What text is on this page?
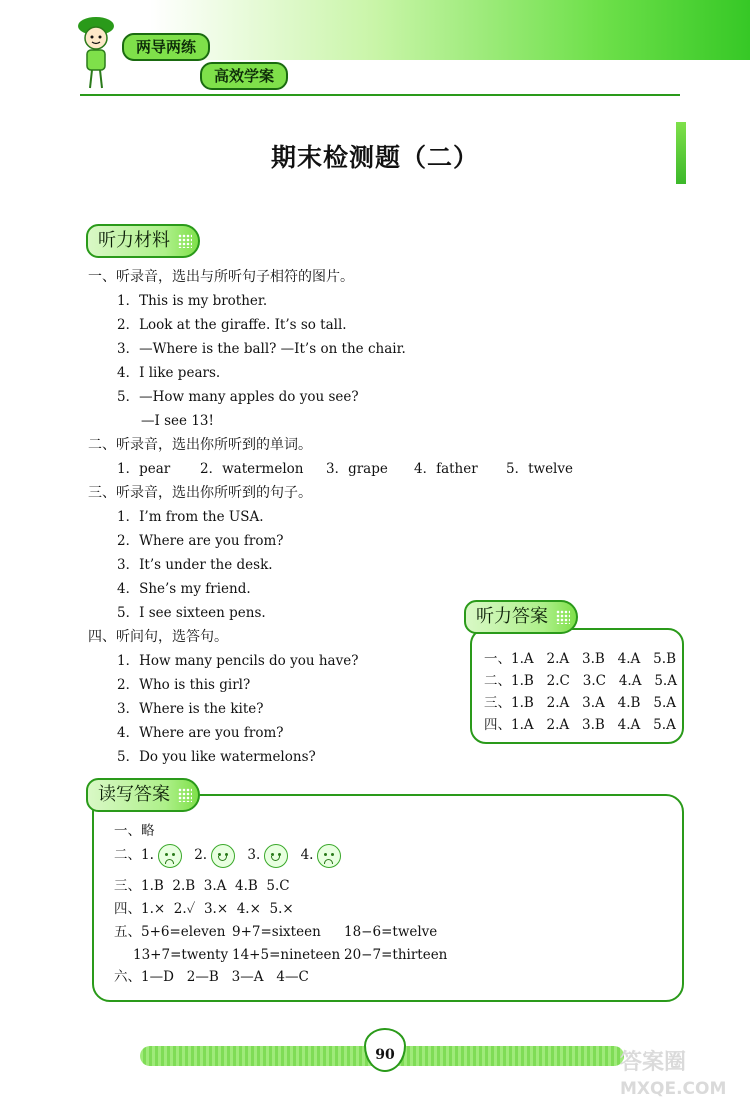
两导两练
高效学案
期末检测题（二）
听力材料
一、听录音，选出与所听句子相符的图片。
1．This is my brother.
2．Look at the giraffe. It’s so tall.
3．—Where is the ball? —It’s on the chair.
4．I like pears.
5．—How many apples do you see?
—I see 13!
二、听录音，选出你所听到的单词。
1．pear 2．watermelon 3．grape 4．father 5．twelve
三、听录音，选出你所听到的句子。
1．I’m from the USA.
2．Where are you from?
3．It’s under the desk.
4．She’s my friend.
5．I see sixteen pens.
四、听问句，选答句。
1．How many pencils do you have?
2．Who is this girl?
3．Where is the kite?
4．Where are you from?
5．Do you like watermelons?
听力答案
一、1.A   2.A   3.B   4.A   5.B
二、1.B   2.C   3.C   4.A   5.A
三、1.B   2.A   3.A   4.B   5.A
四、1.A   2.A   3.B   4.A   5.A
读写答案
一、略
二、1.	2.	3.	4.
三、1.B  2.B  3.A  4.B  5.C
四、1.×  2.✓  3.×  4.×  5.×
五、5+6=eleven 9+7=sixteen 18−6=twelve
13+7=twenty 14+5=nineteen 20−7=thirteen
六、1—D   2—B   3—A   4—C
90	答案圈
MXQE.COM
